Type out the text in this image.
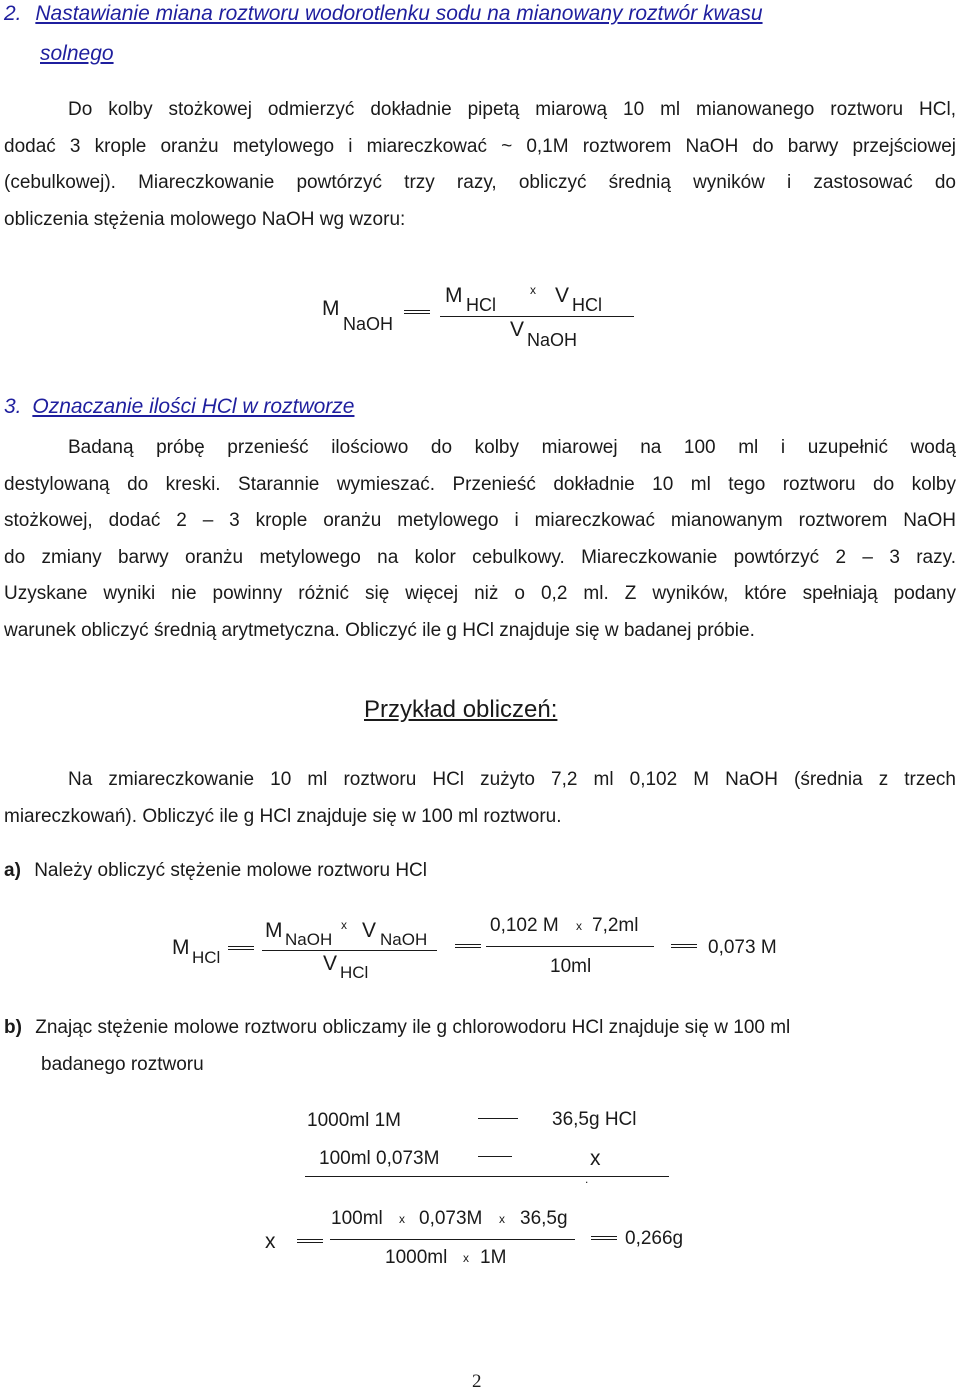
2. Nastawianie miana roztworu wodorotlenku sodu na mianowany roztwór kwasu
solnego
Do kolby stożkowej odmierzyć dokładnie pipetą miarową 10 ml mianowanego roztworu HCl,
dodać 3 krople oranżu metylowego i miareczkować ~ 0,1M roztworem NaOH do barwy przejściowej
(cebulkowej). Miareczkowanie powtórzyć trzy razy, obliczyć średnią wyników i zastosować do
obliczenia stężenia molowego NaOH wg wzoru:
M
NaOH
M HCl
x V HCl
V NaOH
3. Oznaczanie ilości HCl w roztworze
Badaną próbę przenieść ilościowo do kolby miarowej na 100 ml i uzupełnić wodą
destylowaną do kreski. Starannie wymieszać. Przenieść dokładnie 10 ml tego roztworu do kolby
stożkowej, dodać 2 – 3 krople oranżu metylowego i miareczkować mianowanym roztworem NaOH
do zmiany barwy oranżu metylowego na kolor cebulkowy. Miareczkowanie powtórzyć 2 – 3 razy.
Uzyskane wyniki nie powinny różnić się więcej niż o 0,2 ml. Z wyników, które spełniają podany
warunek obliczyć średnią arytmetyczna. Obliczyć ile g HCl znajduje się w badanej próbie.
Przykład obliczeń:
Na zmiareczkowanie 10 ml roztworu HCl zużyto 7,2 ml 0,102 M NaOH (średnia z trzech
miareczkowań). Obliczyć ile g HCl znajduje się w 100 ml roztworu.
a) Należy obliczyć stężenie molowe roztworu HCl
M HCl
M NaOH
x V NaOH
V HCl
0,102 M x 7,2ml
10ml
0,073 M
b) Znając stężenie molowe roztworu obliczamy ile g chlorowodoru HCl znajduje się w 100 ml
badanego roztworu
1000ml 1M	36,5g HCl
100ml 0,073M	x
.
x
100ml x 0,073M x 36,5g
1000ml x 1M
0,266g
2
